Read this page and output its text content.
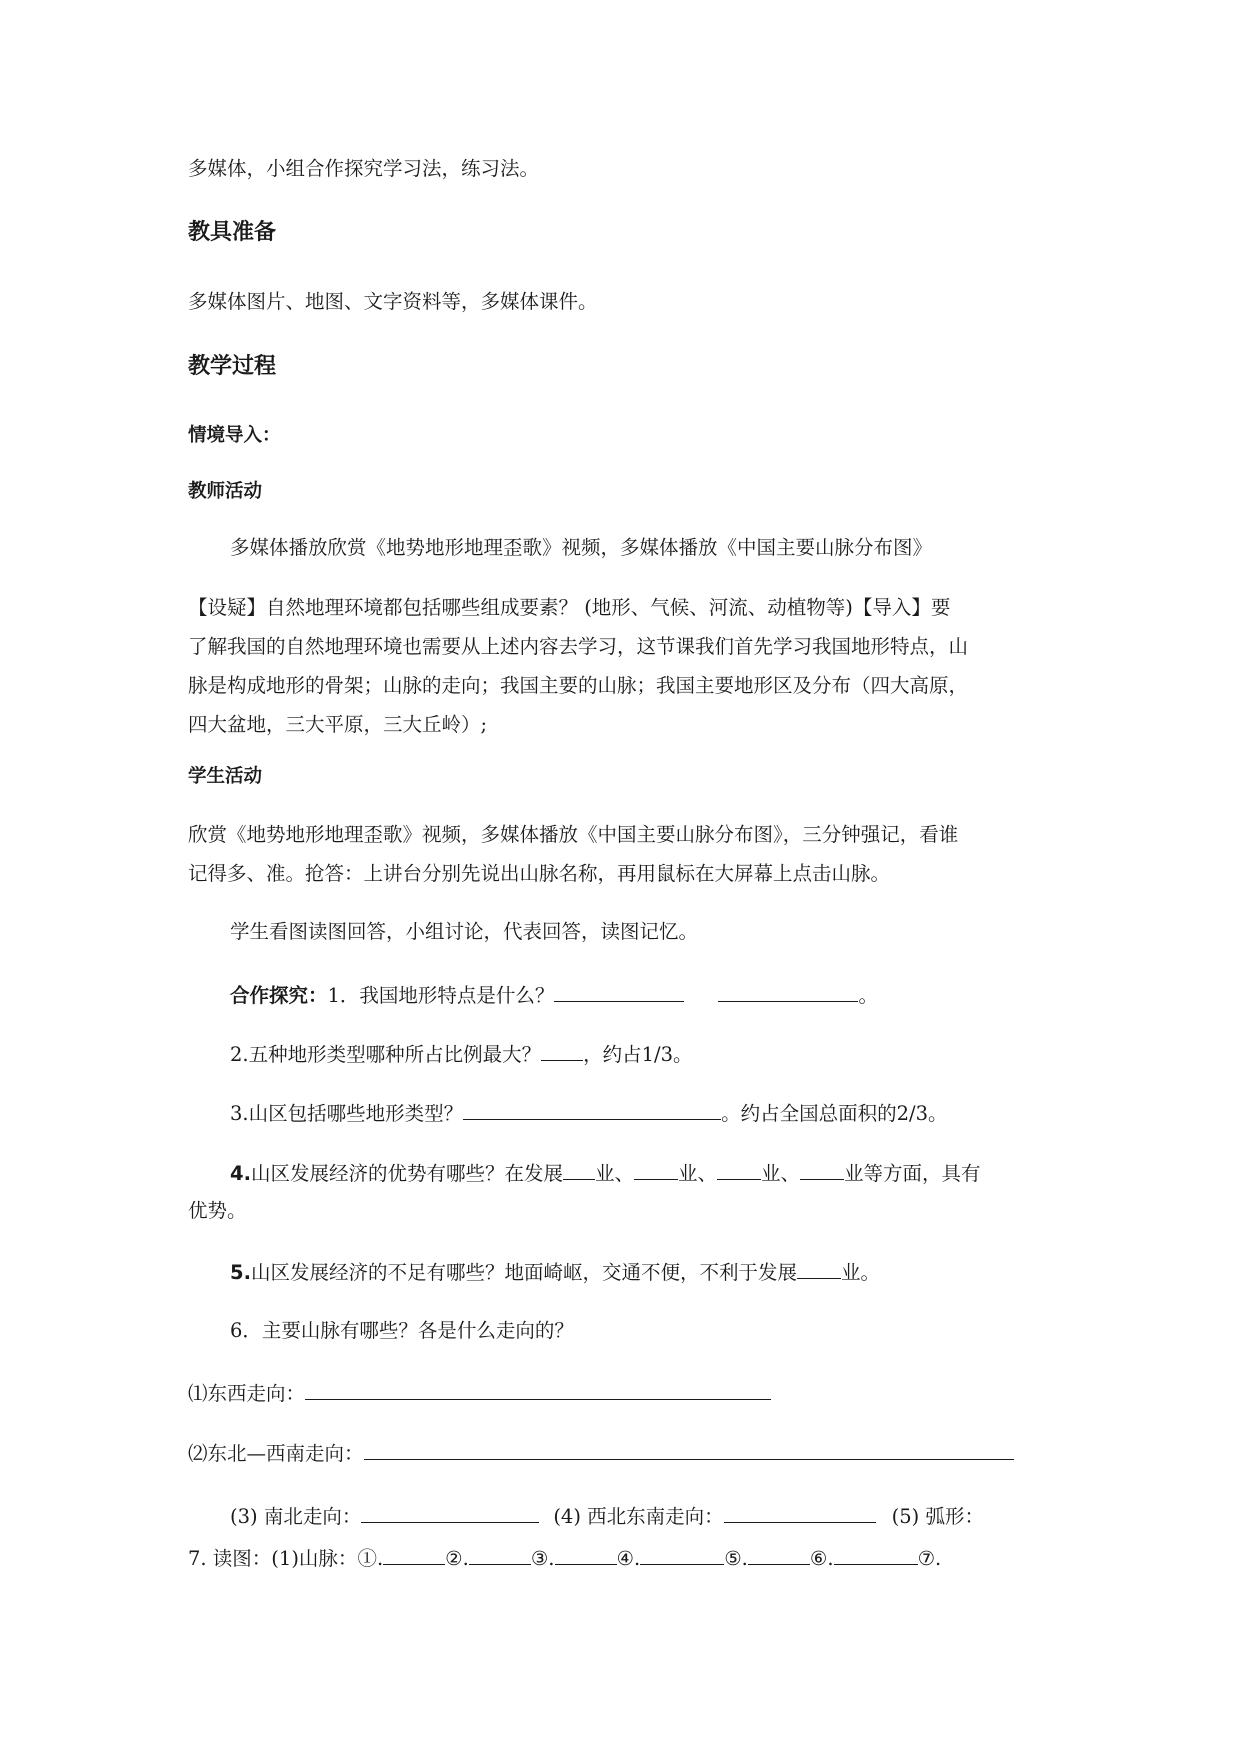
多媒体，小组合作探究学习法，练习法。
教具准备
多媒体图片、地图、文字资料等，多媒体课件。
教学过程
情境导入：
教师活动
多媒体播放欣赏《地势地形地理歪歌》视频，多媒体播放《中国主要山脉分布图》
【设疑】自然地理环境都包括哪些组成要素？ (地形、气候、河流、动植物等)【导入】要
了解我国的自然地理环境也需要从上述内容去学习，这节课我们首先学习我国地形特点，山
脉是构成地形的骨架；山脉的走向；我国主要的山脉；我国主要地形区及分布（四大高原，
四大盆地，三大平原，三大丘岭）;
学生活动
欣赏《地势地形地理歪歌》视频，多媒体播放《中国主要山脉分布图》，三分钟强记，看谁
记得多、准。抢答：上讲台分别先说出山脉名称，再用鼠标在大屏幕上点击山脉。
学生看图读图回答，小组讨论，代表回答，读图记忆。
合作探究：1．我国地形特点是什么？	。
2.五种地形类型哪种所占比例最大？ ，约占1/3。
3.山区包括哪些地形类型？	。约占全国总面积的2/3。
4.山区发展经济的优势有哪些？在发展 业、 业、 业、 业等方面，具有
优势。
5.山区发展经济的不足有哪些？地面崎岖，交通不便，不利于发展 业。
6．主要山脉有哪些？各是什么走向的？
⑴东西走向：
⑵东北—西南走向：
(3) 南北走向：	(4) 西北东南走向：	(5) 弧形：
7. 读图：(1)山脉：①.	②.	③.	④.	⑤.	⑥.	⑦.
